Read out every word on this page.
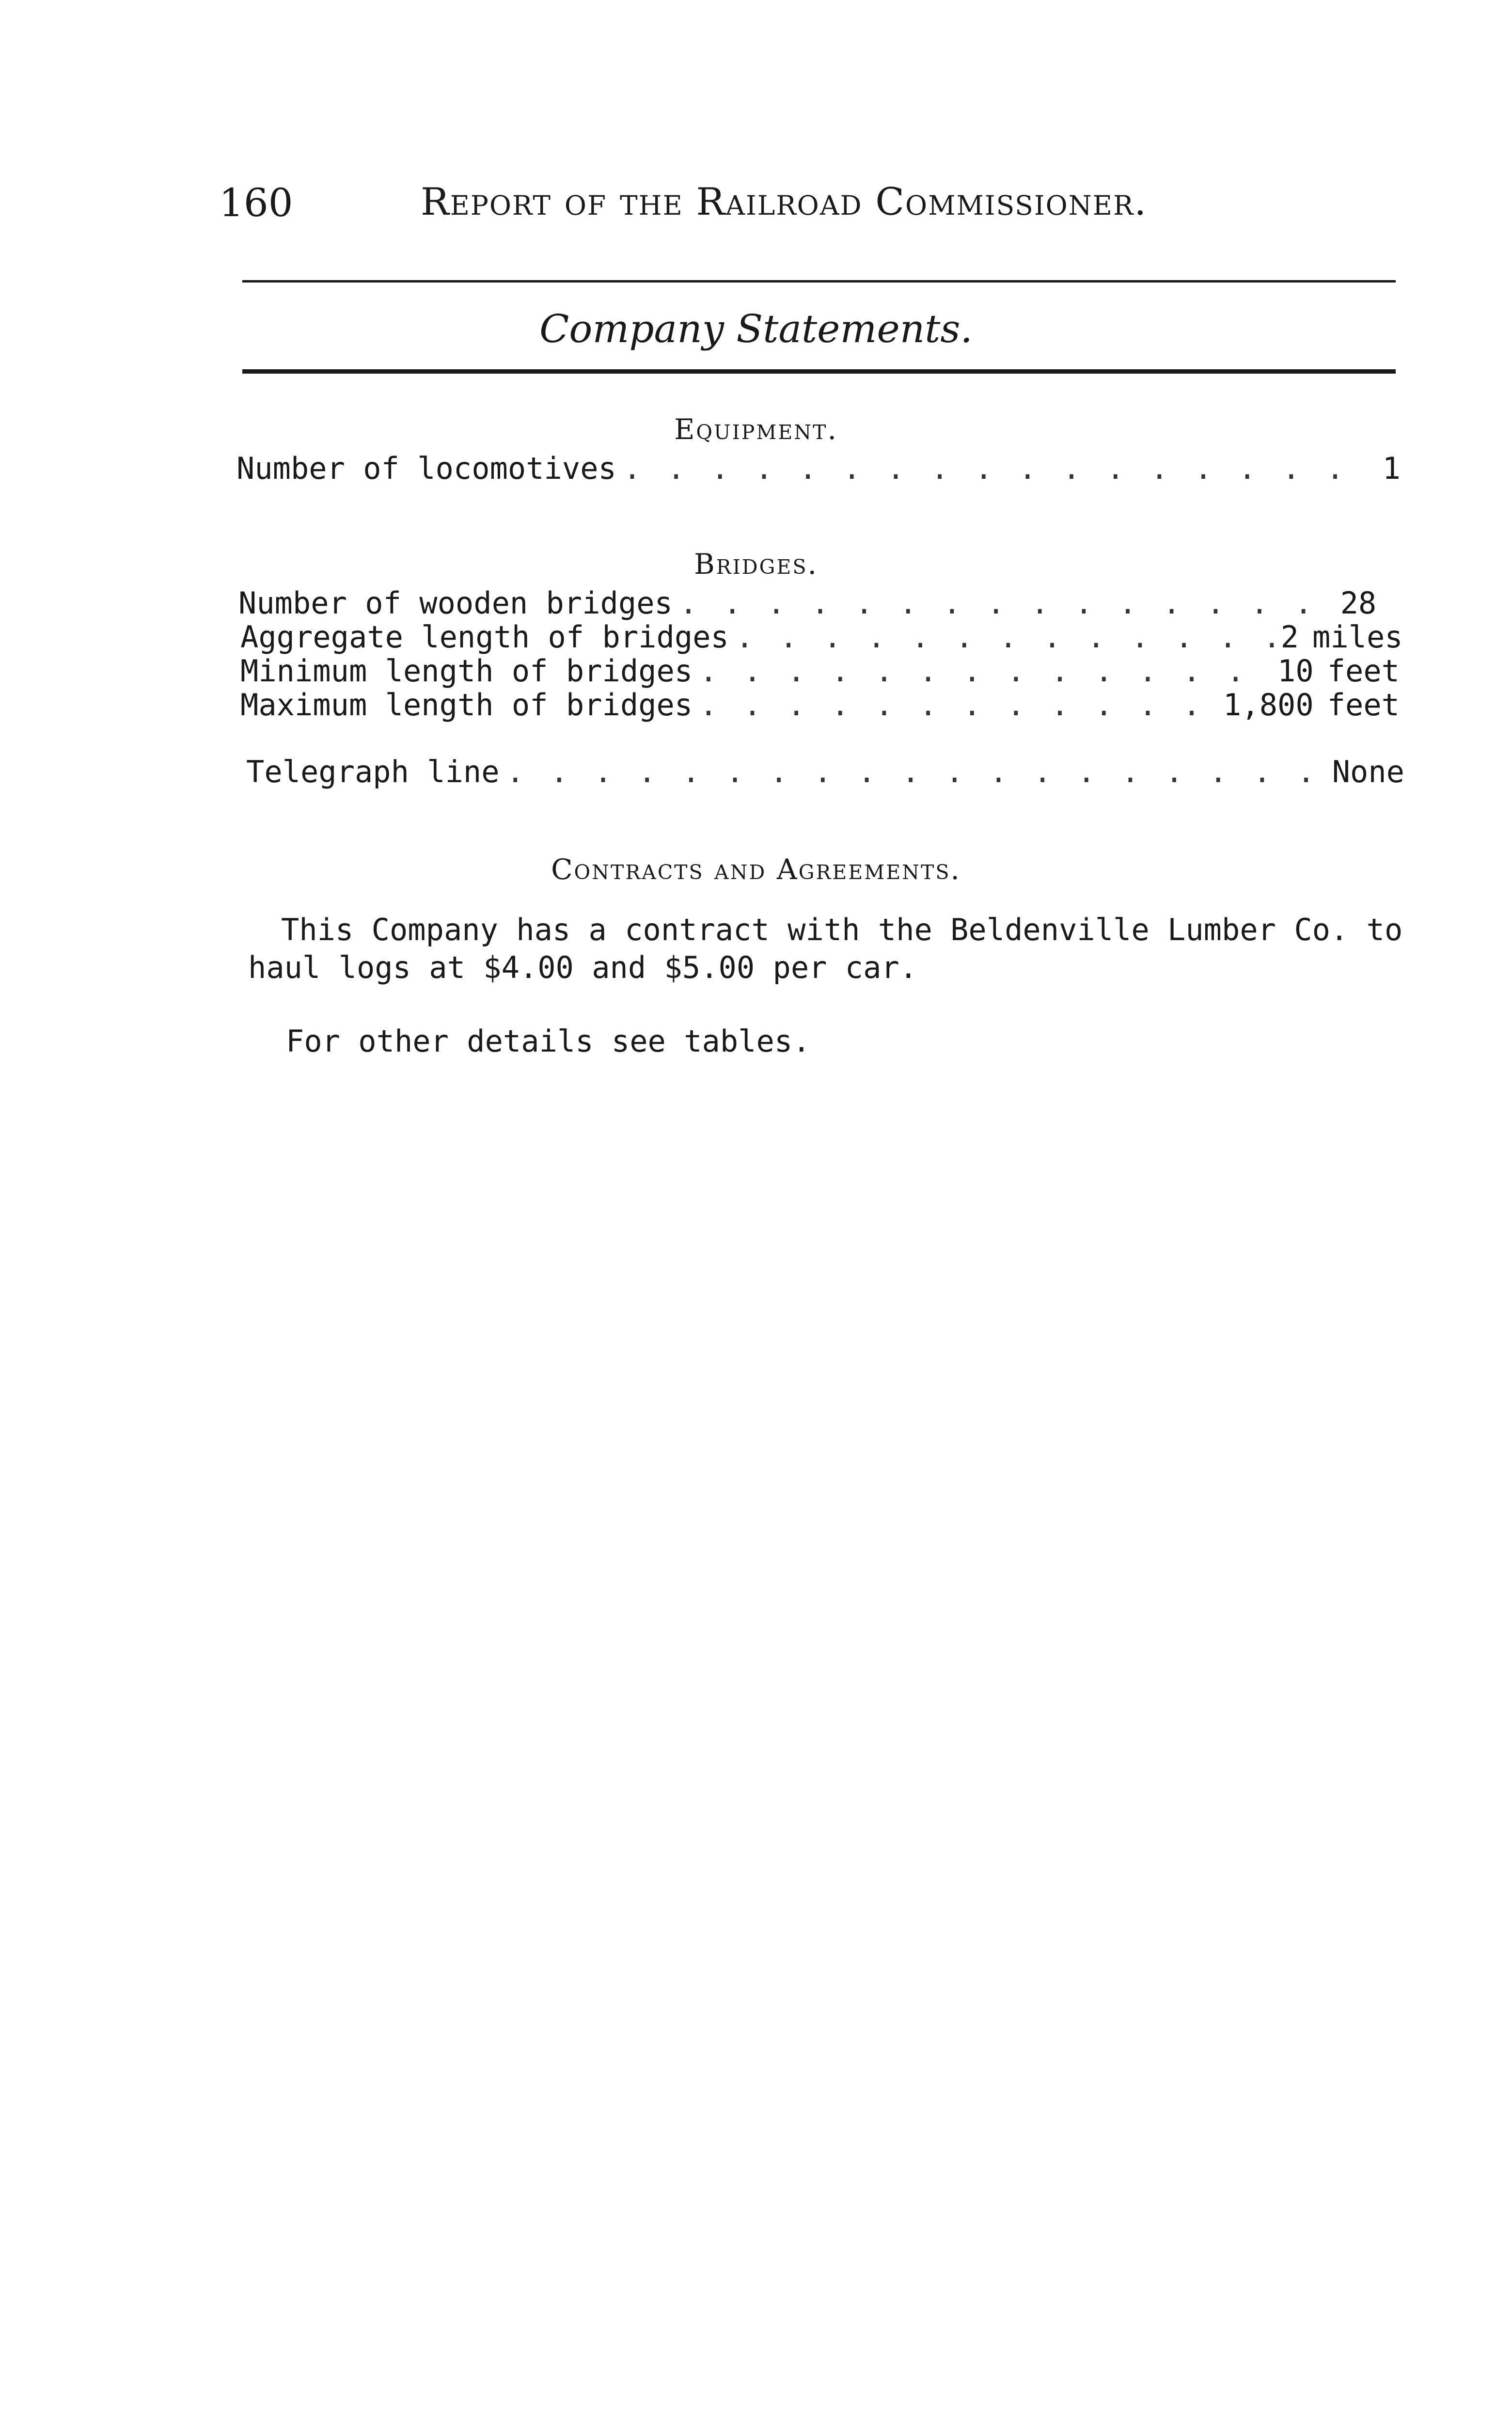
160	Report of the Railroad Commissioner.
Company Statements.
Equipment.
Number of locomotives . . .	1
Bridges.
Number of wooden bridges . . .	28
Aggregate length of bridges . . .	2 miles
Minimum length of bridges . . .	10 feet
Maximum length of bridges . . .	1,800 feet
Telegraph line . . .	None
Contracts and Agreements.
This Company has a contract with the Beldenville Lumber Co. to
haul logs at $4.00 and $5.00 per car.
For other details see tables.
